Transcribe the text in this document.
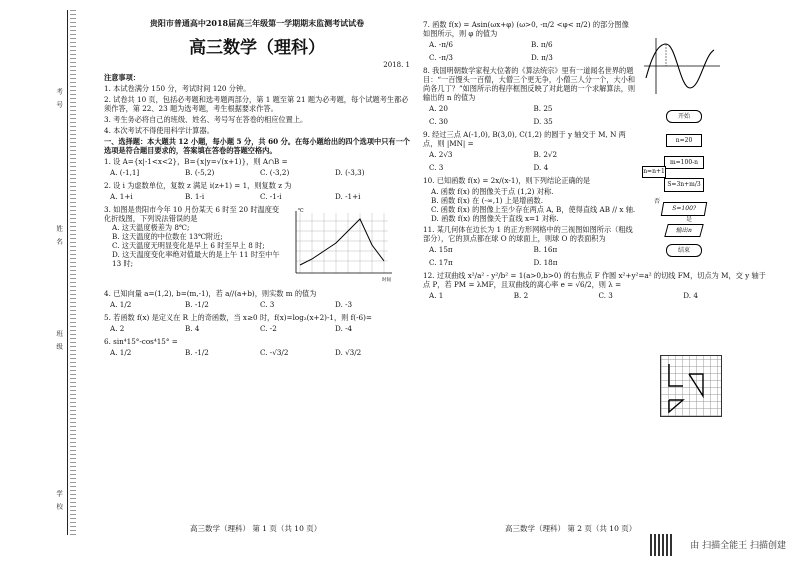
考 号
姓 名
班 级
学 校
贵阳市普通高中2018届高三年级第一学期期末监测考试试卷
高三数学（理科）
2018. 1
注意事项：
1. 本试卷满分 150 分，考试时间 120 分钟。
2. 试卷共 10 页，包括必考题和选考题两部分，第 1 题至第 21 题为必考题，每个试题考生都必须作答，第 22、23 题为选考题，考生根据要求作答。
3. 考生务必将自己的班级、姓名、考号写在答卷的相应位置上。
4. 本次考试不得使用科学计算器。
一、选择题：本大题共 12 小题，每小题 5 分，共 60 分。在每小题给出的四个选项中只有一个选项是符合题目要求的，答案填在答卷的答题空格内。
1. 设 A={x|-1<x<2}，B={x|y=√(x+1)}，则 A∩B =
A. (-1,1]	B. (-5,2)	C. (-3,2)	D. (-3,3)
2. 设 i 为虚数单位，复数 z 满足 i(z+1) = 1，则复数 z 为
A. 1+i	B. 1-i	C. -1-i	D. -1+i
3. 如图是贵阳市今年 10 月份某天 6 时至 20 时温度变化折线图，下列说法错误的是
A. 这天温度极差为 8℃;
B. 这天温度的中位数在 13℃附近;
C. 这天温度无明显变化是早上 6 时至早上 8 时;
D. 这天温度变化率绝对值最大的是上午 11 时至中午 13 时;
℃
时间
4. 已知向量 a=(1,2), b=(m,-1)，若 a//(a+b)，则实数 m 的值为
A. 1/2	B. -1/2	C. 3	D. -3
5. 若函数 f(x) 是定义在 R 上的奇函数，当 x≥0 时，f(x)=log₂(x+2)-1，则 f(-6)=
A. 2	B. 4	C. -2	D. -4
6. sin⁴15°-cos⁴15° =
A. 1/2	B. -1/2	C. -√3/2	D. √3/2
高三数学（理科） 第 1 页（共 10 页）
7. 函数 f(x) = Asin(ωx+φ) (ω>0, -π/2 <φ< π/2) 的部分图像如图所示，则 φ 的值为
A. -π/6	B. π/6
C. -π/3	D. π/3
8. 我国明朝数学家程大位著的《算法统宗》里有一道闻名世界的题目：“一百馒头一百僧，大僧三个更无争，小僧三人分一个，大小和尚各几丁？”如图所示的程序框图反映了对此题的一个求解算法，则输出的 n 的值为
A. 20	B. 25
C. 30	D. 35
9. 经过三点 A(-1,0), B(3,0), C(1,2) 的圆于 y 轴交于 M, N 两点，则 |MN| =
A. 2√3	B. 2√2
C. 3	D. 4
10. 已知函数 f(x) = 2x/(x-1)，则下列结论正确的是
A. 函数 f(x) 的图像关于点 (1,2) 对称.
B. 函数 f(x) 在 (-∞,1) 上是增函数.
C. 函数 f(x) 的图像上至少存在两点 A, B，使得直线 AB // x 轴.
D. 函数 f(x) 的图像关于直线 x=1 对称.
11. 某几何体在边长为 1 的正方形网格中的三视图如图所示（粗线部分），它的顶点都在球 O 的球面上，则球 O 的表面积为
A. 15π	B. 16π
C. 17π	D. 18π
12. 过双曲线 x²/a² - y²/b² = 1(a>0,b>0) 的右焦点 F 作圆 x²+y²=a² 的切线 FM，切点为 M，交 y 轴于点 P，若 PM = λMF，且双曲线的离心率 e = √6/2，则 λ =
A. 1	B. 2	C. 3	D. 4
开始
n=20
m=100-n
S=3n+m/3
n=n+1
S=100?
否
是
输出n
结束
高三数学（理科） 第 2 页（共 10 页）
由 扫描全能王 扫描创建
